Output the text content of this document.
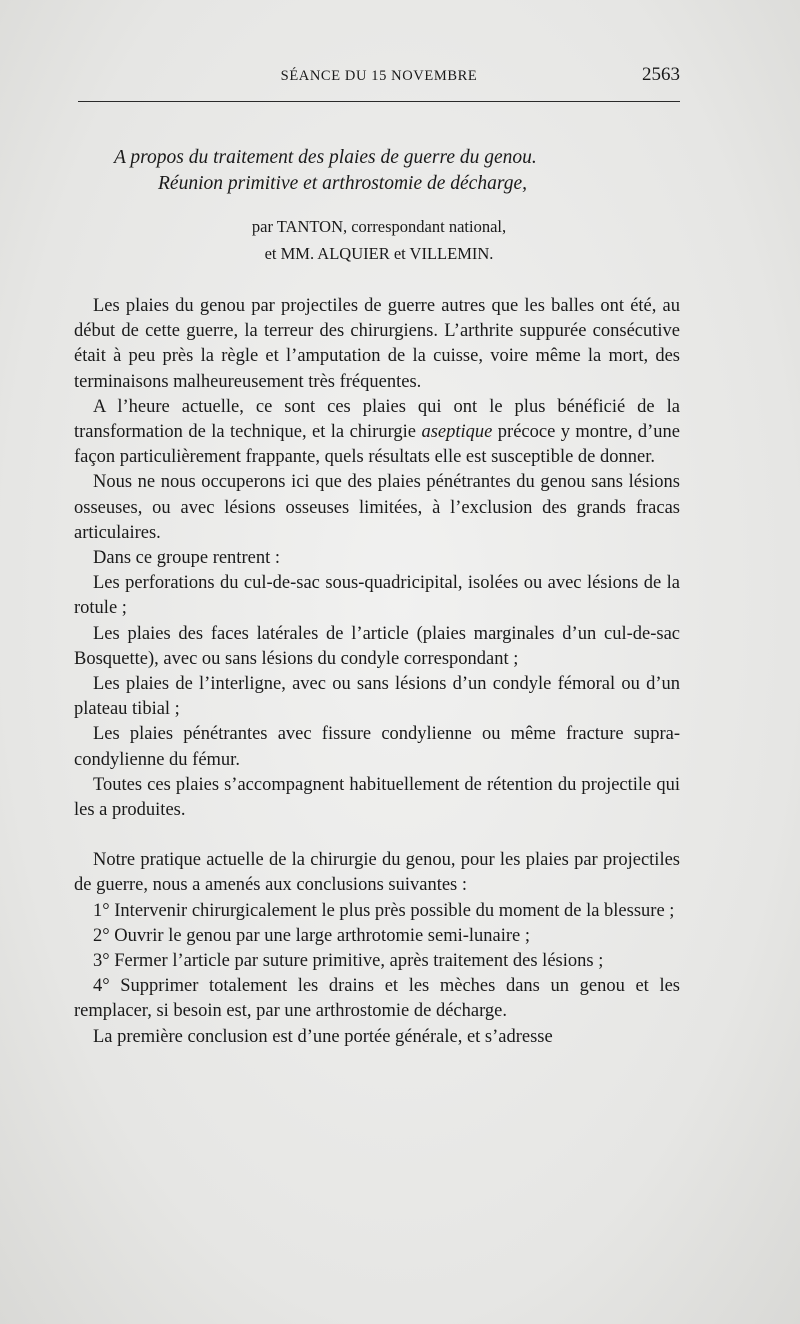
SÉANCE DU 15 NOVEMBRE	2563
A propos du traitement des plaies de guerre du genou.
Réunion primitive et arthrostomie de décharge,
par TANTON, correspondant national,
et MM. ALQUIER et VILLEMIN.

Les plaies du genou par projectiles de guerre autres que les balles ont été, au début de cette guerre, la terreur des chirurgiens. L’arthrite suppurée consécutive était à peu près la règle et l’amputation de la cuisse, voire même la mort, des terminaisons malheureusement très fréquentes.

A l’heure actuelle, ce sont ces plaies qui ont le plus bénéficié de la transformation de la technique, et la chirurgie aseptique précoce y montre, d’une façon particulièrement frappante, quels résultats elle est susceptible de donner.

Nous ne nous occuperons ici que des plaies pénétrantes du genou sans lésions osseuses, ou avec lésions osseuses limitées, à l’exclusion des grands fracas articulaires.

Dans ce groupe rentrent :

Les perforations du cul-de-sac sous-quadricipital, isolées ou avec lésions de la rotule ;

Les plaies des faces latérales de l’article (plaies marginales d’un cul-de-sac Bosquette), avec ou sans lésions du condyle correspondant ;

Les plaies de l’interligne, avec ou sans lésions d’un condyle fémoral ou d’un plateau tibial ;

Les plaies pénétrantes avec fissure condylienne ou même fracture supra-condylienne du fémur.

Toutes ces plaies s’accompagnent habituellement de rétention du projectile qui les a produites.

Notre pratique actuelle de la chirurgie du genou, pour les plaies par projectiles de guerre, nous a amenés aux conclusions suivantes :

1° Intervenir chirurgicalement le plus près possible du moment de la blessure ;

2° Ouvrir le genou par une large arthrotomie semi-lunaire ;

3° Fermer l’article par suture primitive, après traitement des lésions ;

4° Supprimer totalement les drains et les mèches dans un genou et les remplacer, si besoin est, par une arthrostomie de décharge.

La première conclusion est d’une portée générale, et s’adresse
